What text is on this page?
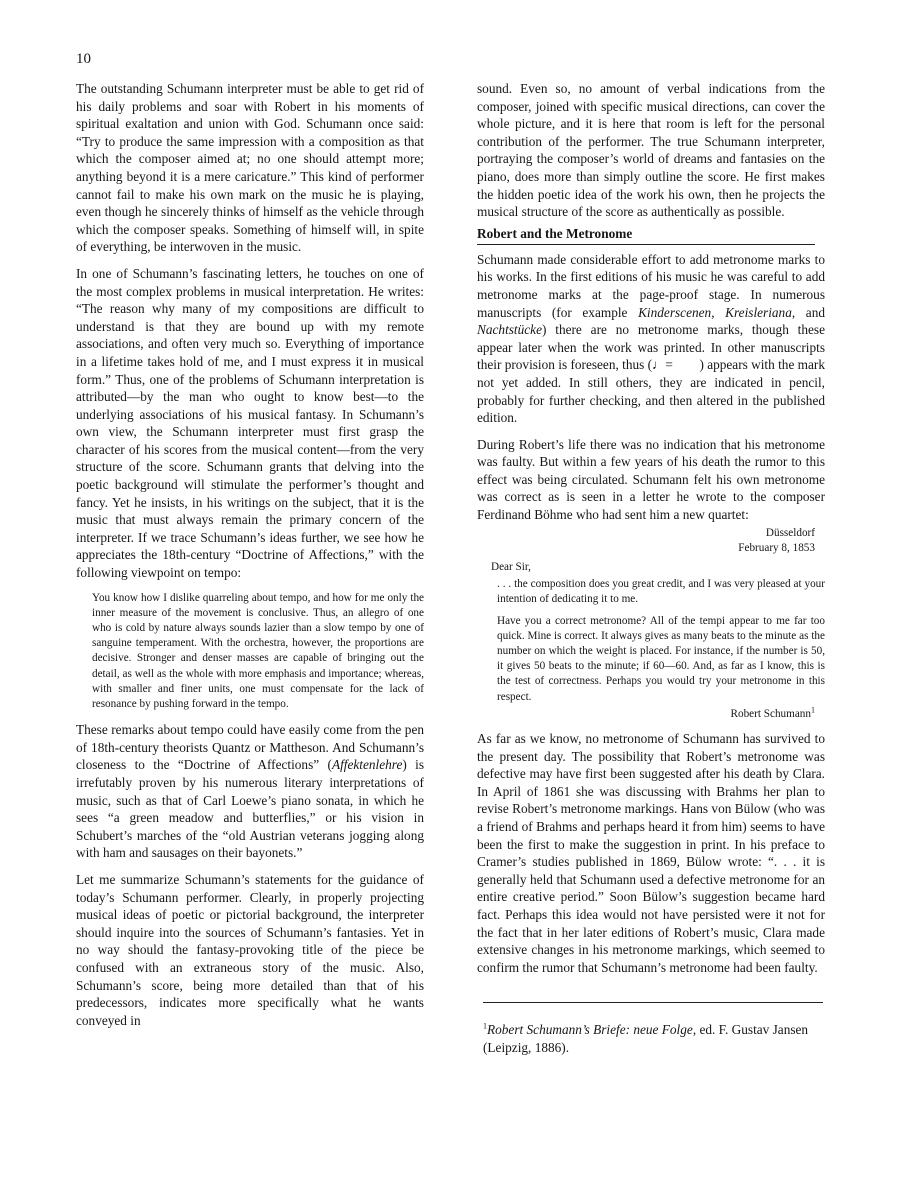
10

The outstanding Schumann interpreter must be able to get rid of his daily problems and soar with Robert in his moments of spiritual exaltation and union with God. Schumann once said: “Try to produce the same impression with a composition as that which the composer aimed at; no one should attempt more; anything beyond it is a mere caricature.” This kind of performer cannot fail to make his own mark on the music he is playing, even though he sincerely thinks of himself as the vehicle through which the composer speaks. Something of himself will, in spite of everything, be interwoven in the music.

In one of Schumann’s fascinating letters, he touches on one of the most complex problems in musical interpretation. He writes: “The reason why many of my compositions are difficult to understand is that they are bound up with my remote associations, and often very much so. Everything of importance in a lifetime takes hold of me, and I must express it in musical form.” Thus, one of the problems of Schumann interpretation is attributed—by the man who ought to know best—to the underlying associations of his musical fantasy. In Schumann’s own view, the Schumann interpreter must first grasp the character of his scores from the musical content—from the very structure of the score. Schumann grants that delving into the poetic background will stimulate the performer’s thought and fancy. Yet he insists, in his writings on the subject, that it is the music that must always remain the primary concern of the interpreter. If we trace Schumann’s ideas further, we see how he appreciates the 18th-century “Doctrine of Affections,” with the following viewpoint on tempo:

You know how I dislike quarreling about tempo, and how for me only the inner measure of the movement is conclusive. Thus, an allegro of one who is cold by nature always sounds lazier than a slow tempo by one of sanguine temperament. With the orchestra, however, the proportions are decisive. Stronger and denser masses are capable of bringing out the detail, as well as the whole with more emphasis and importance; whereas, with smaller and finer units, one must compensate for the lack of resonance by pushing forward in the tempo.

These remarks about tempo could have easily come from the pen of 18th-century theorists Quantz or Mattheson. And Schumann’s closeness to the “Doctrine of Affections” (Affektenlehre) is irrefutably proven by his numerous literary interpretations of music, such as that of Carl Loewe’s piano sonata, in which he sees “a green meadow and butterflies,” or his vision in Schubert’s marches of the “old Austrian veterans jogging along with ham and sausages on their bayonets.”

Let me summarize Schumann’s statements for the guidance of today’s Schumann performer. Clearly, in properly projecting musical ideas of poetic or pictorial background, the interpreter should inquire into the sources of Schumann’s fantasies. Yet in no way should the fantasy-provoking title of the piece be confused with an extraneous story of the music. Also, Schumann’s score, being more detailed than that of his predecessors, indicates more specifically what he wants conveyed in

sound. Even so, no amount of verbal indications from the composer, joined with specific musical directions, can cover the whole picture, and it is here that room is left for the personal contribution of the performer. The true Schumann interpreter, portraying the composer’s world of dreams and fantasies on the piano, does more than simply outline the score. He first makes the hidden poetic idea of the work his own, then he projects the musical structure of the score as authentically as possible.

Robert and the Metronome

Schumann made considerable effort to add metronome marks to his works. In the first editions of his music he was careful to add metronome marks at the page-proof stage. In numerous manuscripts (for example Kinderscenen, Kreisleriana, and Nachtstücke) there are no metronome marks, though these appear later when the work was printed. In other manuscripts their provision is foreseen, thus (♩=  ) appears with the mark not yet added. In still others, they are indicated in pencil, probably for further checking, and then altered in the published edition.

During Robert’s life there was no indication that his metronome was faulty. But within a few years of his death the rumor to this effect was being circulated. Schumann felt his own metronome was correct as is seen in a letter he wrote to the composer Ferdinand Böhme who had sent him a new quartet:

Düsseldorf
February 8, 1853
Dear Sir,
. . . the composition does you great credit, and I was very pleased at your intention of dedicating it to me.
Have you a correct metronome? All of the tempi appear to me far too quick. Mine is correct. It always gives as many beats to the minute as the number on which the weight is placed. For instance, if the number is 50, it gives 50 beats to the minute; if 60—60. And, as far as I know, this is the test of correctness. Perhaps you would try your metronome in this respect.
Robert Schumann$^1$

As far as we know, no metronome of Schumann has survived to the present day. The possibility that Robert’s metronome was defective may have first been suggested after his death by Clara. In April of 1861 she was discussing with Brahms her plan to revise Robert’s metronome markings. Hans von Bülow (who was a friend of Brahms and perhaps heard it from him) seems to have been the first to make the suggestion in print. In his preface to Cramer’s studies published in 1869, Bülow wrote: “. . . it is generally held that Schumann used a defective metronome for an entire creative period.” Soon Bülow’s suggestion became hard fact. Perhaps this idea would not have persisted were it not for the fact that in her later editions of Robert’s music, Clara made extensive changes in his metronome markings, which seemed to confirm the rumor that Schumann’s metronome had been faulty.

$^1$Robert Schumann’s Briefe: neue Folge, ed. F. Gustav Jansen (Leipzig, 1886).
